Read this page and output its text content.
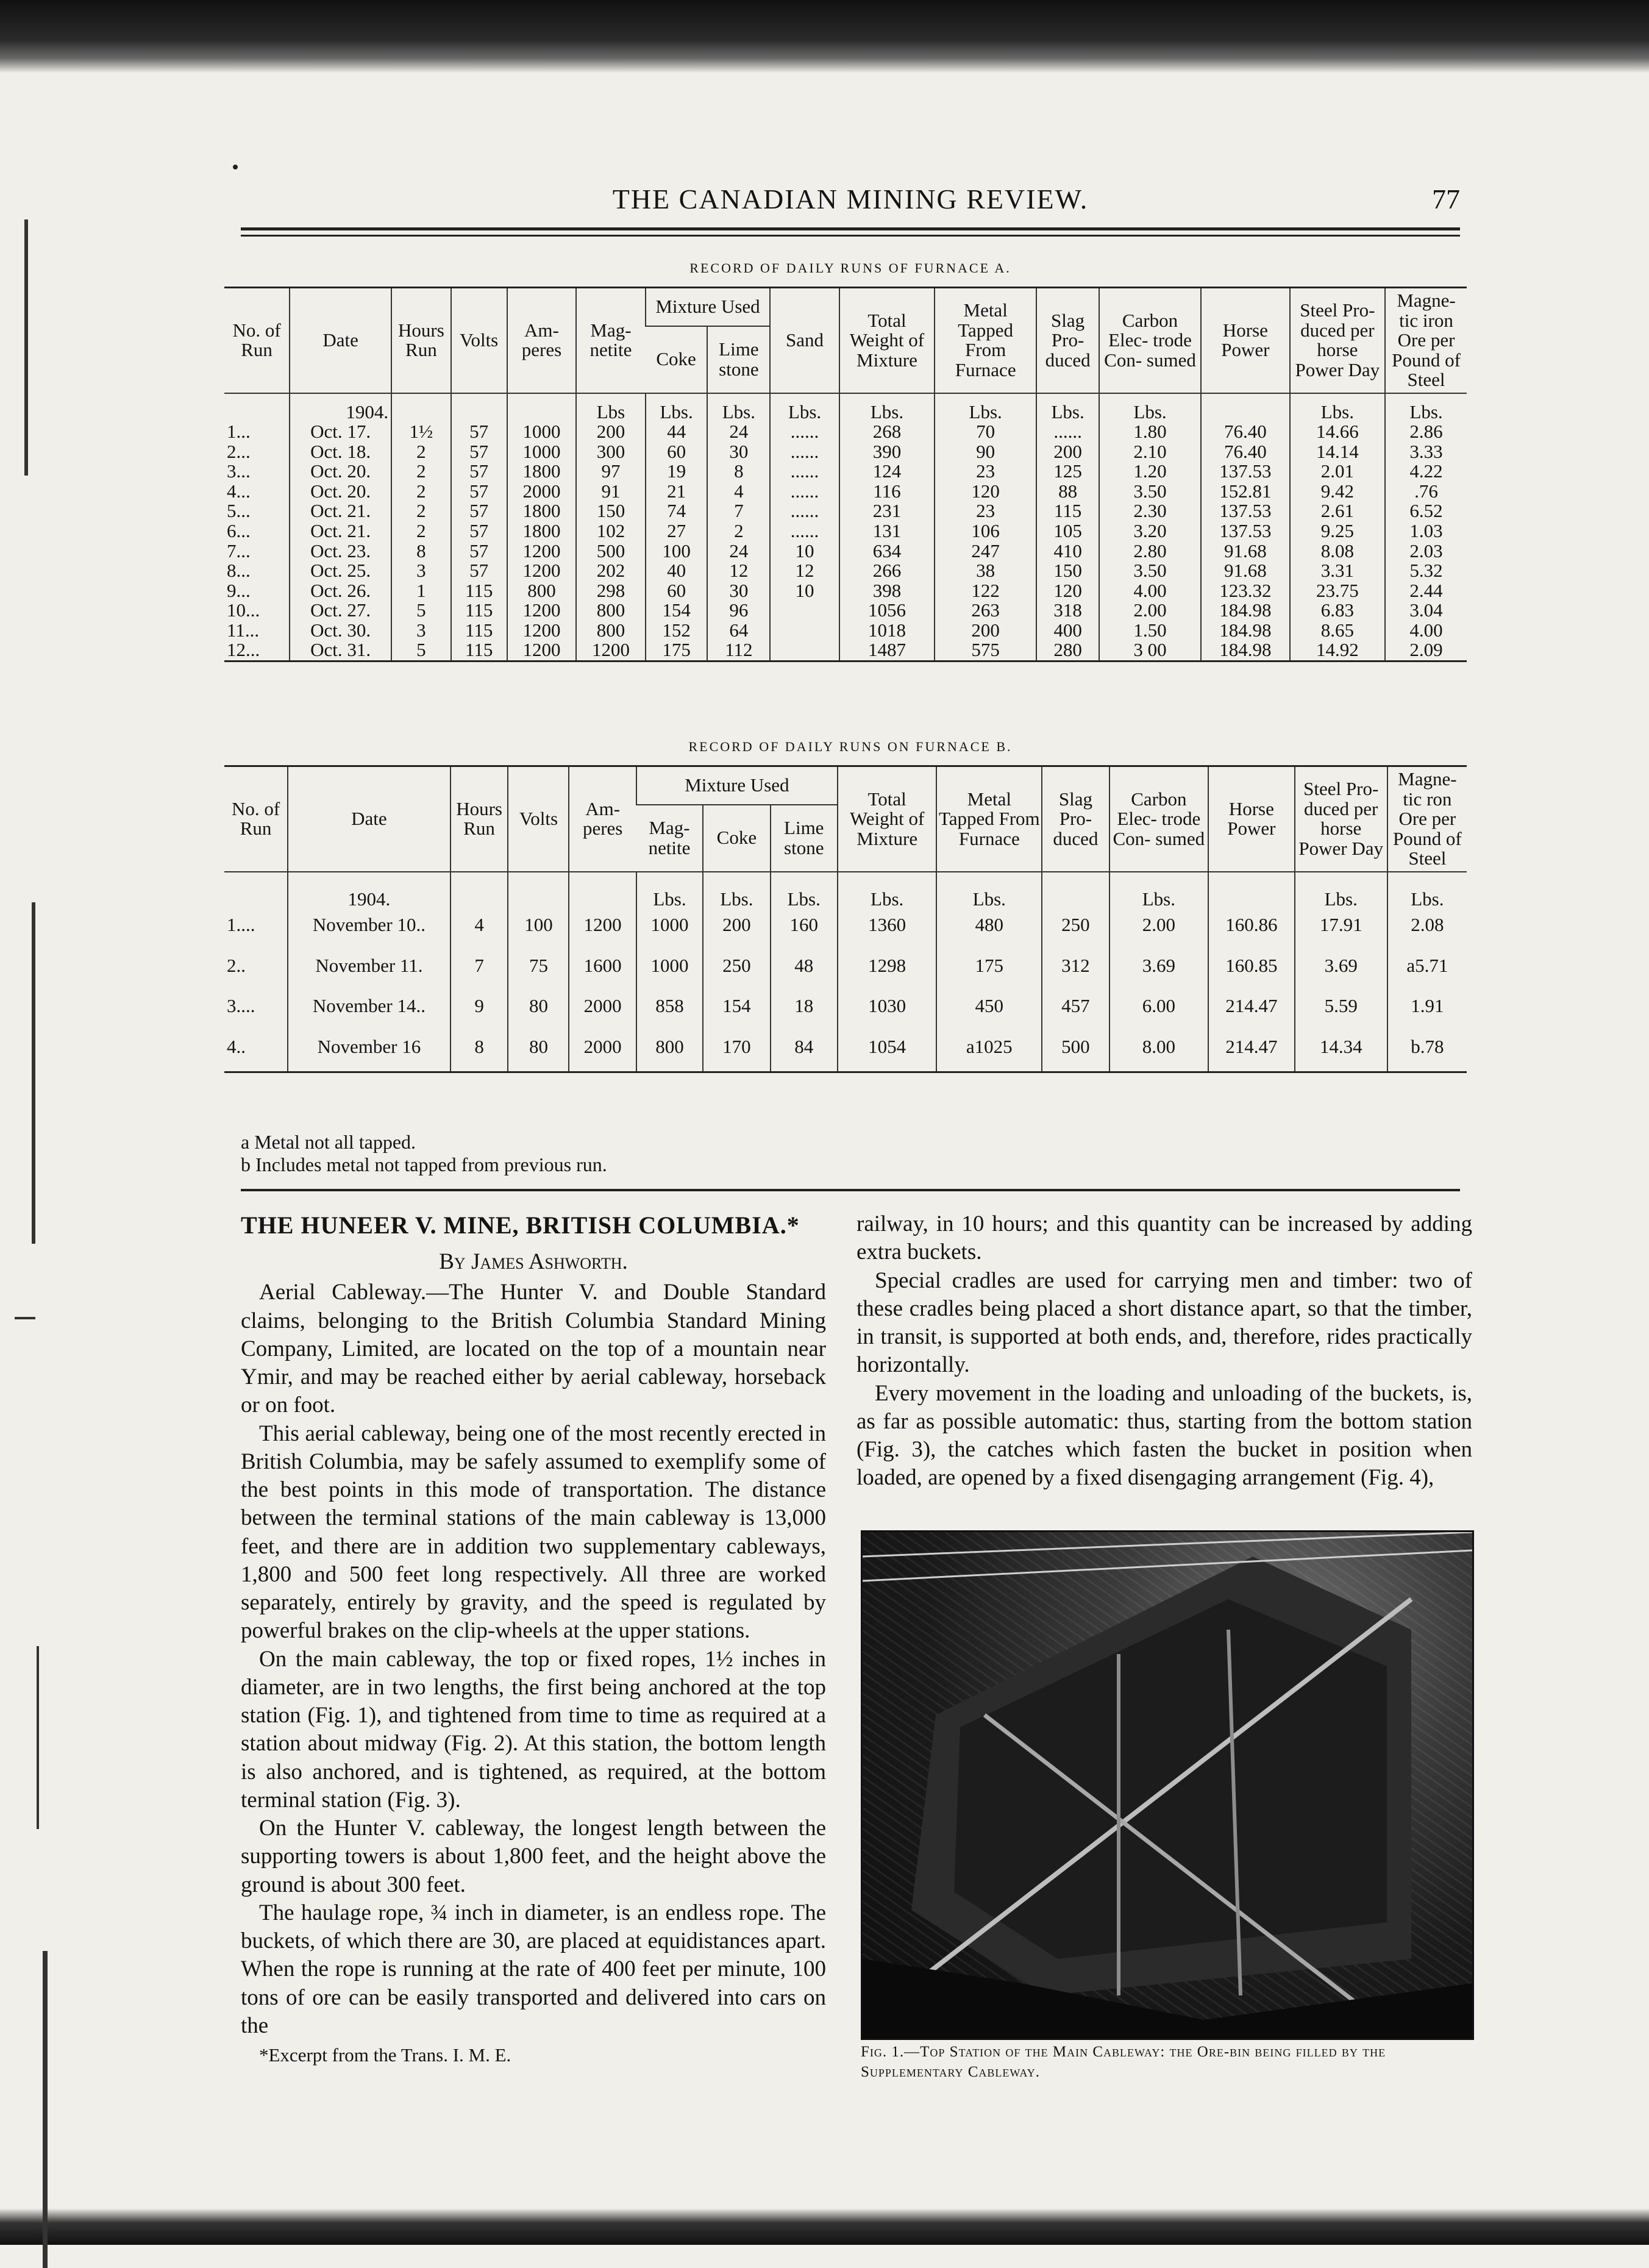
THE CANADIAN MINING REVIEW.	77
RECORD OF DAILY RUNS OF FURNACE A.
No. of Run	Date	Hours Run	Volts	Am- peres	Mag- netite	Mixture Used		Sand	Total Weight of Mixture	Metal Tapped From Furnace	Slag Pro- duced	Carbon Elec- trode Con- sumed	Horse Power	Steel Pro- duced per horse Power Day	Magne- tic iron Ore per Pound of Steel
						Coke	Lime stone								
	1904.				Lbs	Lbs.	Lbs.	Lbs.	Lbs.	Lbs.	Lbs.	Lbs.		Lbs.	Lbs.
1...	Oct. 17.	1½	57	1000	200	44	24	......	268	70	......	1.80	76.40	14.66	2.86
2...	Oct. 18.	2	57	1000	300	60	30	......	390	90	200	2.10	76.40	14.14	3.33
3...	Oct. 20.	2	57	1800	97	19	8	......	124	23	125	1.20	137.53	2.01	4.22
4...	Oct. 20.	2	57	2000	91	21	4	......	116	120	88	3.50	152.81	9.42	.76
5...	Oct. 21.	2	57	1800	150	74	7	......	231	23	115	2.30	137.53	2.61	6.52
6...	Oct. 21.	2	57	1800	102	27	2	......	131	106	105	3.20	137.53	9.25	1.03
7...	Oct. 23.	8	57	1200	500	100	24	10	634	247	410	2.80	91.68	8.08	2.03
8...	Oct. 25.	3	57	1200	202	40	12	12	266	38	150	3.50	91.68	3.31	5.32
9...	Oct. 26.	1	115	800	298	60	30	10	398	122	120	4.00	123.32	23.75	2.44
10...	Oct. 27.	5	115	1200	800	154	96		1056	263	318	2.00	184.98	6.83	3.04
11...	Oct. 30.	3	115	1200	800	152	64		1018	200	400	1.50	184.98	8.65	4.00
12...	Oct. 31.	5	115	1200	1200	175	112		1487	575	280	3 00	184.98	14.92	2.09
RECORD OF DAILY RUNS ON FURNACE B.
No. of Run	Date	Hours Run	Volts	Am- peres	Mixture Used			Total Weight of Mixture	Metal Tapped From Furnace	Slag Pro- duced	Carbon Elec- trode Con- sumed	Horse Power	Steel Pro- duced per horse Power Day	Magne- tic ron Ore per Pound of Steel
					Mag- netite	Coke	Lime stone							
	1904.				Lbs.	Lbs.	Lbs.	Lbs.	Lbs.		Lbs.		Lbs.	Lbs.
1....	November 10..	4	100	1200	1000	200	160	1360	480	250	2.00	160.86	17.91	2.08
2..	November 11.	7	75	1600	1000	250	48	1298	175	312	3.69	160.85	3.69	a5.71
3....	November 14..	9	80	2000	858	154	18	1030	450	457	6.00	214.47	5.59	1.91
4..	November 16	8	80	2000	800	170	84	1054	a1025	500	8.00	214.47	14.34	b.78
a Metal not all tapped.
b Includes metal not tapped from previous run.

THE HUNEER V. MINE, BRITISH COLUMBIA.*

By James Ashworth.

Aerial Cableway.—The Hunter V. and Double Standard claims, belonging to the British Columbia Standard Mining Company, Limited, are located on the top of a mountain near Ymir, and may be reached either by aerial cableway, horseback or on foot.

This aerial cableway, being one of the most recently erected in British Columbia, may be safely assumed to exemplify some of the best points in this mode of transportation. The distance between the terminal stations of the main cableway is 13,000 feet, and there are in addition two supplementary cableways, 1,800 and 500 feet long respectively. All three are worked separately, entirely by gravity, and the speed is regulated by powerful brakes on the clip-wheels at the upper stations.

On the main cableway, the top or fixed ropes, 1½ inches in diameter, are in two lengths, the first being anchored at the top station (Fig. 1), and tightened from time to time as required at a station about midway (Fig. 2). At this station, the bottom length is also anchored, and is tightened, as required, at the bottom terminal station (Fig. 3).

On the Hunter V. cableway, the longest length between the supporting towers is about 1,800 feet, and the height above the ground is about 300 feet.

The haulage rope, ¾ inch in diameter, is an endless rope. The buckets, of which there are 30, are placed at equidistances apart. When the rope is running at the rate of 400 feet per minute, 100 tons of ore can be easily transported and delivered into cars on the

*Excerpt from the Trans. I. M. E.

railway, in 10 hours; and this quantity can be increased by adding extra buckets.

Special cradles are used for carrying men and timber: two of these cradles being placed a short distance apart, so that the timber, in transit, is supported at both ends, and, therefore, rides practically horizontally.

Every movement in the loading and unloading of the buckets, is, as far as possible automatic: thus, starting from the bottom station (Fig. 3), the catches which fasten the bucket in position when loaded, are opened by a fixed disengaging arrangement (Fig. 4),

Fig. 1.—Top Station of the Main Cableway: the Ore-bin being filled by the Supplementary Cableway.
